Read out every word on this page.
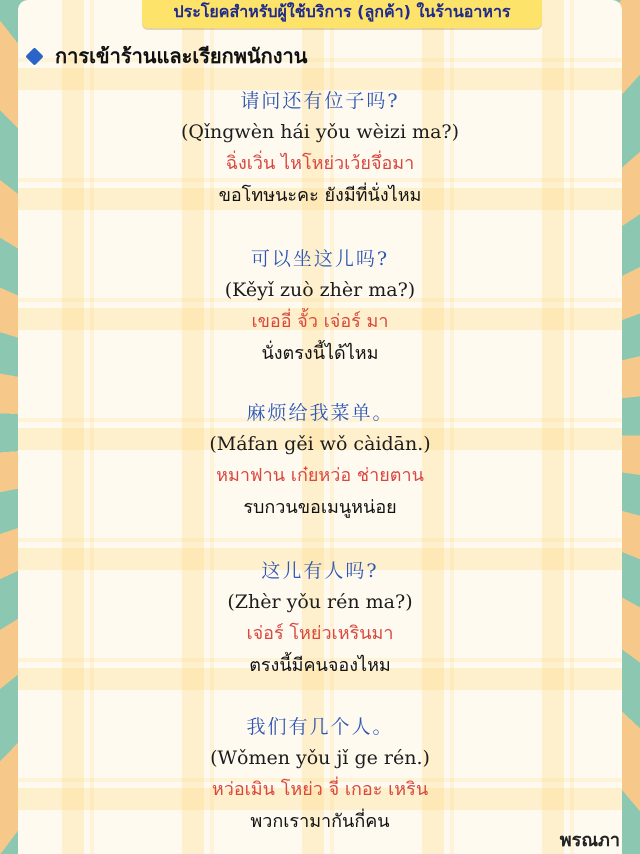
ประโยคสำหรับผู้ใช้บริการ (ลูกค้า) ในร้านอาหาร
การเข้าร้านและเรียกพนักงาน
请问还有位子吗?
(Qǐngwèn hái yǒu wèizi ma?)
ฉิ่งเวิ่น ไหโหย่วเว้ยจึ่อมา
ขอโทษนะคะ ยังมีที่นั่งไหม
可以坐这儿吗?
(Kěyǐ zuò zhèr ma?)
เขออี่ จั้ว เจ่อร์ มา
นั่งตรงนี้ได้ไหม
麻烦给我菜单。
(Máfan gěi wǒ càidān.)
หมาฟาน เก๋ยหว่อ ช่ายตาน
รบกวนขอเมนูหน่อย
这儿有人吗?
(Zhèr yǒu rén ma?)
เจ่อร์ โหย่วเหรินมา
ตรงนี้มีคนจองไหม
我们有几个人。
(Wǒmen yǒu jǐ ge rén.)
หว่อเมิน โหย่ว จี่ เกอะ เหริน
พวกเรามากันกี่คน
พรณภา
